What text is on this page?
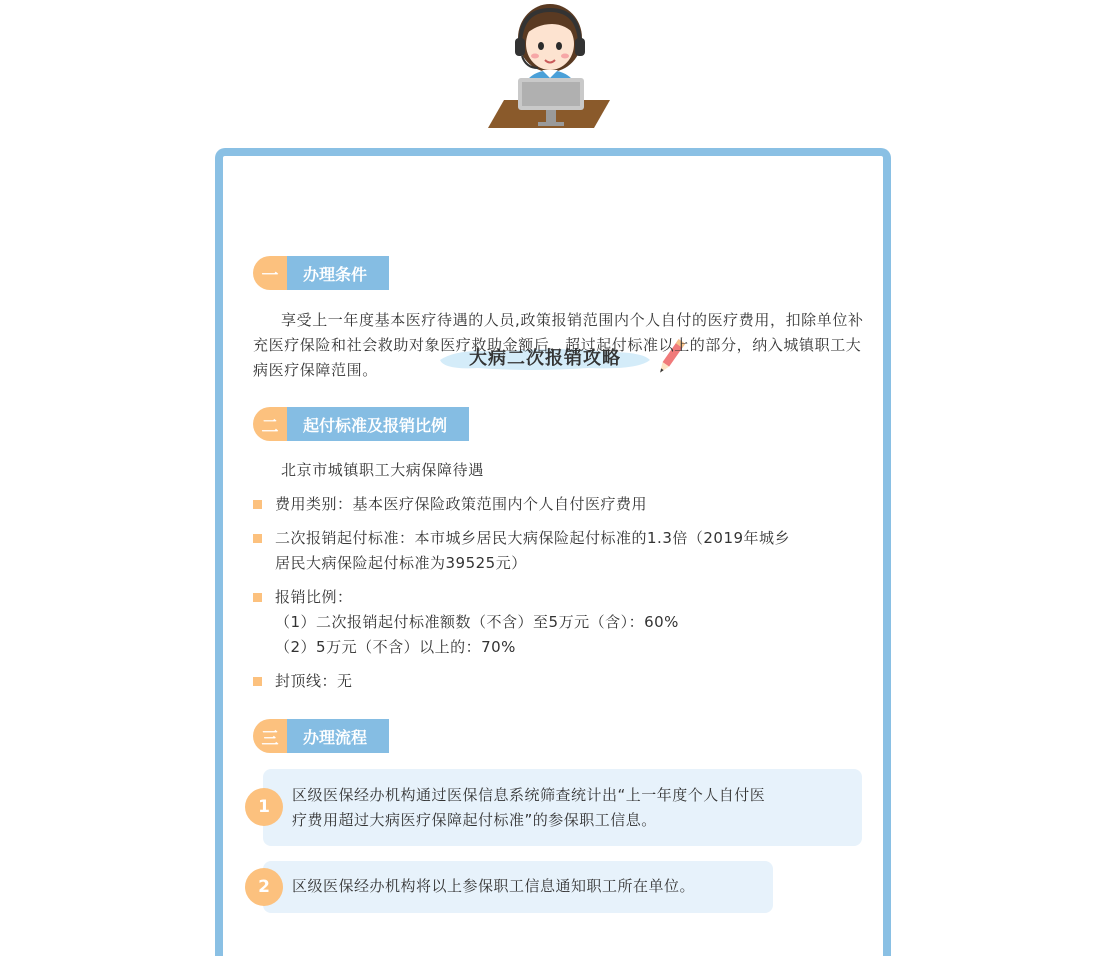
大病二次报销攻略
一	办理条件
享受上一年度基本医疗待遇的人员,政策报销范围内个人自付的医疗费用，扣除单位补充医疗保险和社会救助对象医疗救助金额后，超过起付标准以上的部分，纳入城镇职工大病医疗保障范围。
二	起付标准及报销比例
北京市城镇职工大病保障待遇
费用类别：基本医疗保险政策范围内个人自付医疗费用
二次报销起付标准：本市城乡居民大病保险起付标准的1.3倍（2019年城乡
居民大病保险起付标准为39525元）
报销比例：
（1）二次报销起付标准额数（不含）至5万元（含）：60%
（2）5万元（不含）以上的：70%
封顶线：无
三	办理流程
区级医保经办机构通过医保信息系统筛查统计出“上一年度个人自付医
疗费用超过大病医疗保障起付标准”的参保职工信息。
1
区级医保经办机构将以上参保职工信息通知职工所在单位。
2
